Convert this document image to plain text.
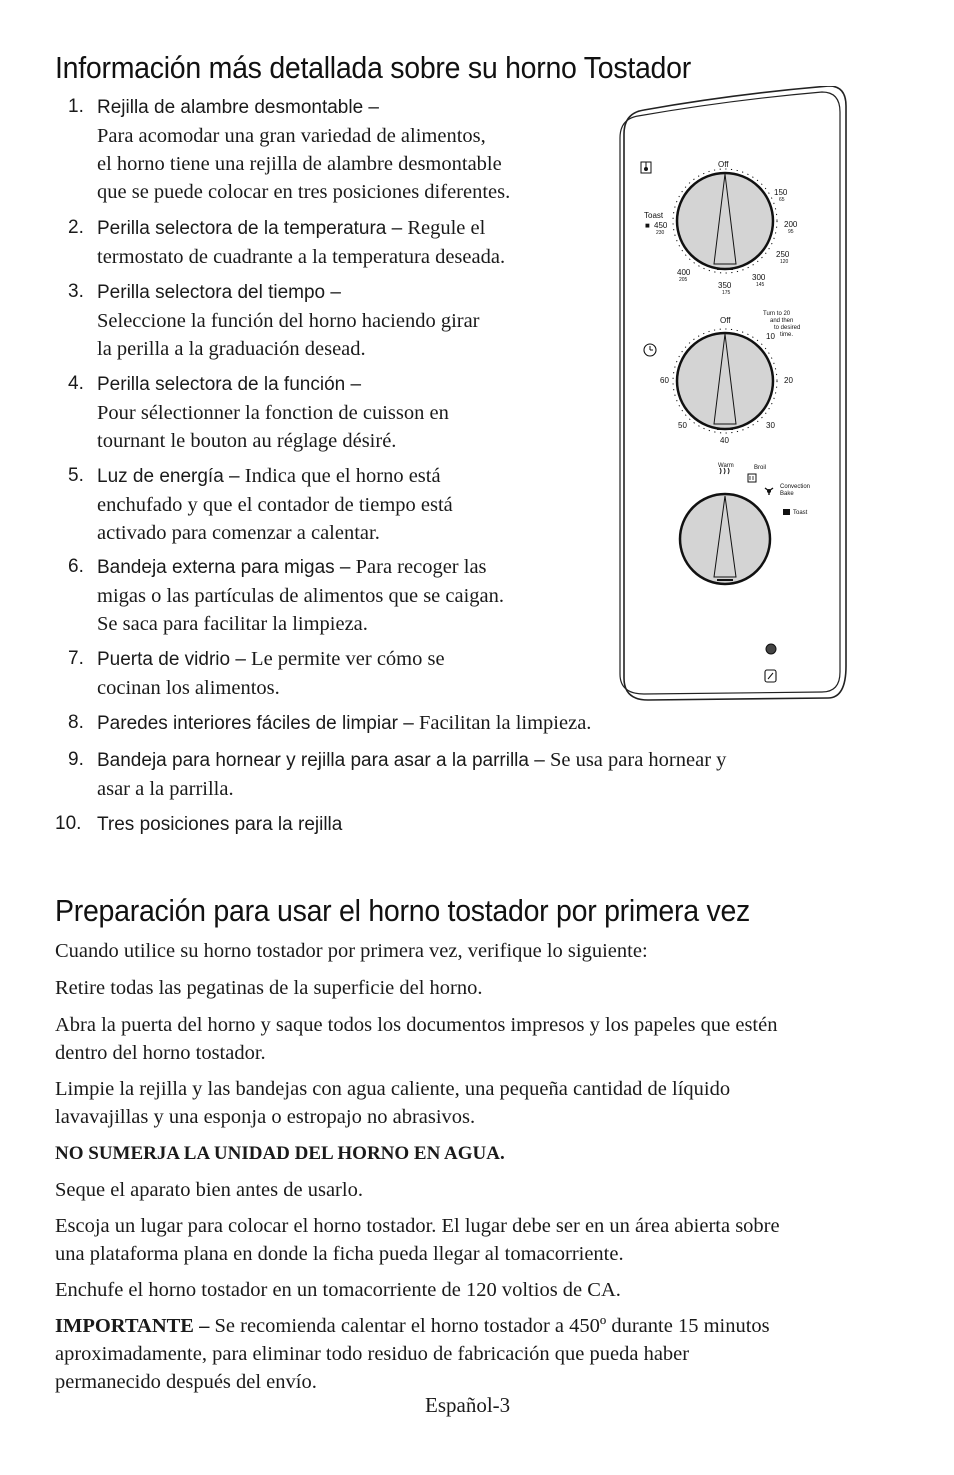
Información más detallada sobre su horno Tostador
1. Rejilla de alambre desmontable –
Para acomodar una gran variedad de alimentos,
el horno tiene una rejilla de alambre desmontable
que se puede colocar en tres posiciones diferentes.
2. Perilla selectora de la temperatura – Regule el
termostato de cuadrante a la temperatura deseada.
3. Perilla selectora del tiempo –
Seleccione la función del horno haciendo girar
la perilla a la graduación desead.
4. Perilla selectora de la función –
Pour sélectionner la fonction de cuisson en
tournant le bouton au réglage désiré.
5. Luz de energía – Indica que el horno está
enchufado y que el contador de tiempo está
activado para comenzar a calentar.
6. Bandeja externa para migas – Para recoger las
migas o las partículas de alimentos que se caigan.
Se saca para facilitar la limpieza.
7. Puerta de vidrio – Le permite ver cómo se
cocinan los alimentos.
8. Paredes interiores fáciles de limpiar – Facilitan la limpieza.
9. Bandeja para hornear y rejilla para asar a la parrilla – Se usa para hornear y
asar a la parrilla.
10. Tres posiciones para la rejilla
Off
Toast
■ 450
230
150
65
200
95
250
120
300
145
350
175
400
205
Off
Turn to 20
and then
to desired
time.
10
20
30
40
50
60
Warm	Broil
Convection
Bake
Toast
Preparación para usar el horno tostador por primera vez
Cuando utilice su horno tostador por primera vez, verifique lo siguiente:
Retire todas las pegatinas de la superficie del horno.
Abra la puerta del horno y saque todos los documentos impresos y los papeles que estén
dentro del horno tostador.
Limpie la rejilla y las bandejas con agua caliente, una pequeña cantidad de líquido
lavavajillas y una esponja o estropajo no abrasivos.
NO SUMERJA LA UNIDAD DEL HORNO EN AGUA.
Seque el aparato bien antes de usarlo.
Escoja un lugar para colocar el horno tostador. El lugar debe ser en un área abierta sobre
una plataforma plana en donde la ficha pueda llegar al tomacorriente.
Enchufe el horno tostador en un tomacorriente de 120 voltios de CA.
IMPORTANTE – Se recomienda calentar el horno tostador a 450º durante 15 minutos
aproximadamente, para eliminar todo residuo de fabricación que pueda haber
permanecido después del envío.
Español-3
